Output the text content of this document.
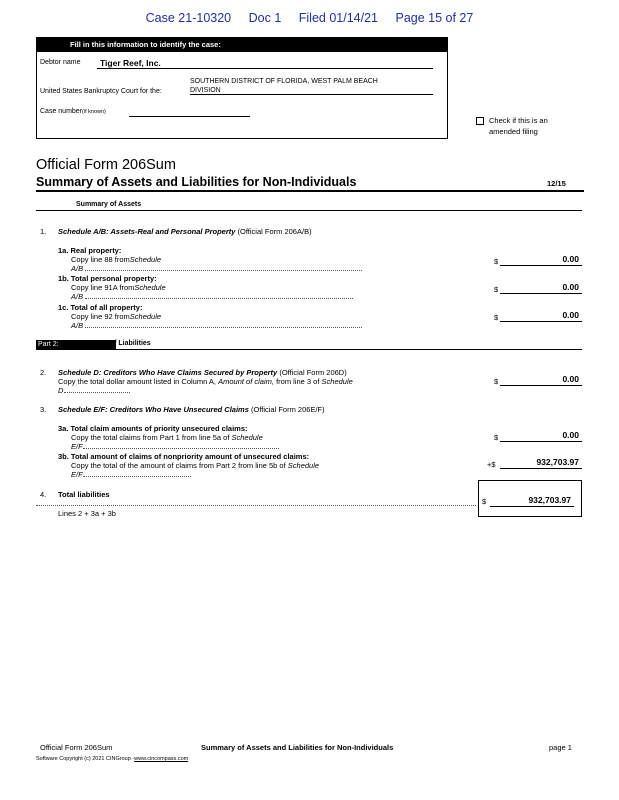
Case 21-10320 Doc 1 Filed 01/14/21 Page 15 of 27
Fill in this information to identify the case:
Debtor name	Tiger Reef, Inc.
United States Bankruptcy Court for the:
SOUTHERN DISTRICT OF FLORIDA, WEST PALM BEACH
DIVISION
Case number(if known)
Check if this is an
amended filing
Official Form 206Sum
Summary of Assets and Liabilities for Non-Individuals	12/15
Summary of Assets
1. Schedule A/B: Assets-Real and Personal Property (Official Form 206A/B)
1a. Real property:
Copy line 88 fromSchedule
A/B
$	0.00
1b. Total personal property:
Copy line 91A fromSchedule
A/B
$	0.00
1c. Total of all property:
Copy line 92 fromSchedule
A/B
$	0.00
Part 2:	Summary of Liabilities
2. Schedule D: Creditors Who Have Claims Secured by Property (Official Form 206D)
Copy the total dollar amount listed in Column A, Amount of claim, from line 3 of Schedule
D
$	0.00
3. Schedule E/F: Creditors Who Have Unsecured Claims (Official Form 206E/F)
3a. Total claim amounts of priority unsecured claims:
Copy the total claims from Part 1 from line 5a of Schedule
E/F
$	0.00
3b. Total amount of claims of nonpriority amount of unsecured claims:
Copy the total of the amount of claims from Part 2 from line 5b of Schedule
E/F
+$	932,703.97
4. Total liabilities
Lines 2 + 3a + 3b
$	932,703.97
Official Form 206Sum	Summary of Assets and Liabilities for Non-Individuals	page 1
Software Copyright (c) 2021 CINGroup -www.cincompass.com
